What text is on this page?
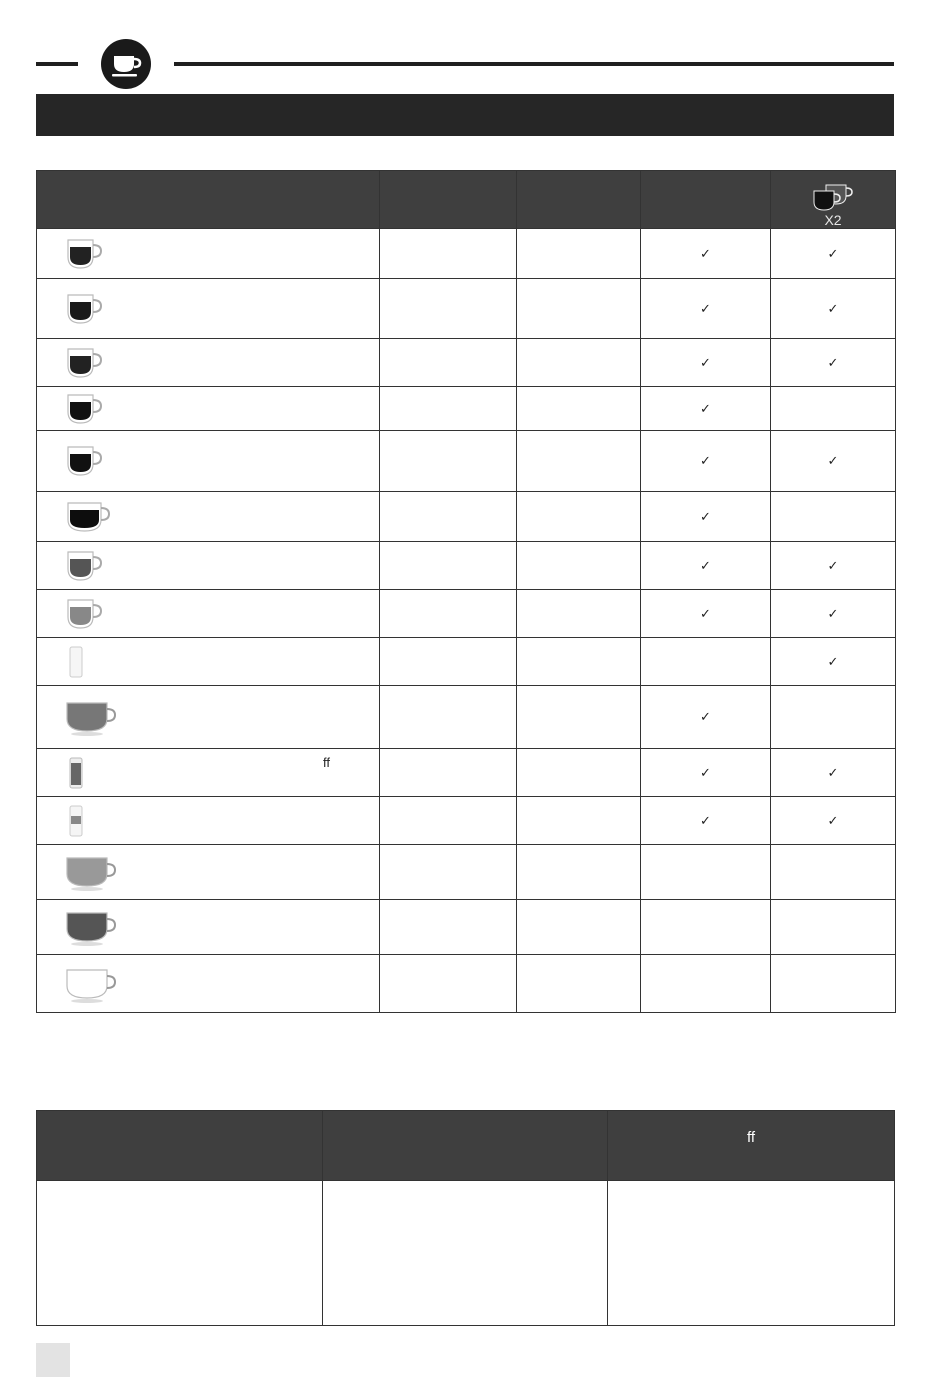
				X2

			✓	✓

			✓	✓

			✓	✓

			✓	

			✓	✓

			✓	

			✓	✓

			✓	✓

				✓

			✓	

ff			✓	✓

			✓	✓

		ff
